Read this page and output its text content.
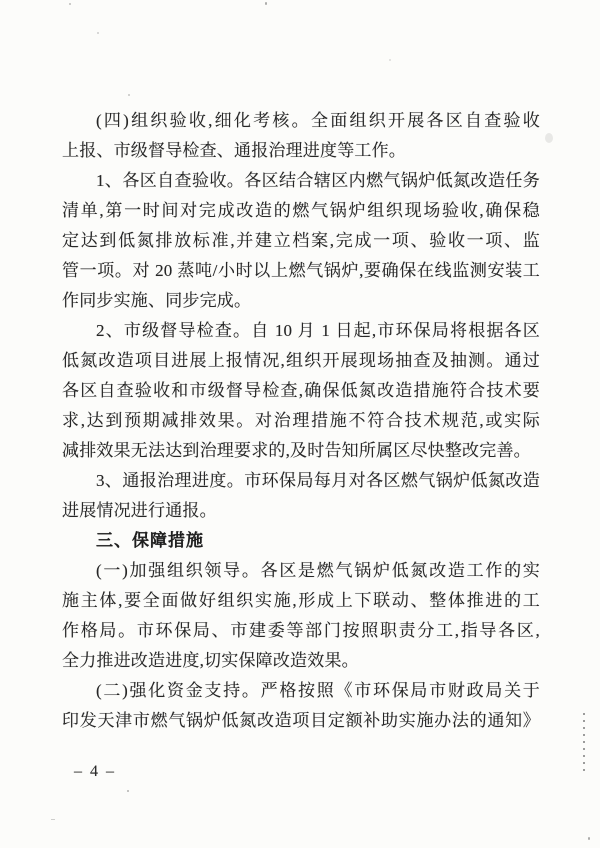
(四)组织验收,细化考核。全面组织开展各区自查验收
上报、市级督导检查、通报治理进度等工作。
1、各区自查验收。各区结合辖区内燃气锅炉低氮改造任务
清单,第一时间对完成改造的燃气锅炉组织现场验收,确保稳
定达到低氮排放标准,并建立档案,完成一项、验收一项、监
管一项。对 20 蒸吨/小时以上燃气锅炉,要确保在线监测安装工
作同步实施、同步完成。
2、市级督导检查。自 10 月 1 日起,市环保局将根据各区
低氮改造项目进展上报情况,组织开展现场抽查及抽测。通过
各区自查验收和市级督导检查,确保低氮改造措施符合技术要
求,达到预期减排效果。对治理措施不符合技术规范,或实际
减排效果无法达到治理要求的,及时告知所属区尽快整改完善。
3、通报治理进度。市环保局每月对各区燃气锅炉低氮改造
进展情况进行通报。
三、保障措施
(一)加强组织领导。各区是燃气锅炉低氮改造工作的实
施主体,要全面做好组织实施,形成上下联动、整体推进的工
作格局。市环保局、市建委等部门按照职责分工,指导各区,
全力推进改造进度,切实保障改造效果。
(二)强化资金支持。严格按照《市环保局市财政局关于
印发天津市燃气锅炉低氮改造项目定额补助实施办法的通知》
– 4 –
